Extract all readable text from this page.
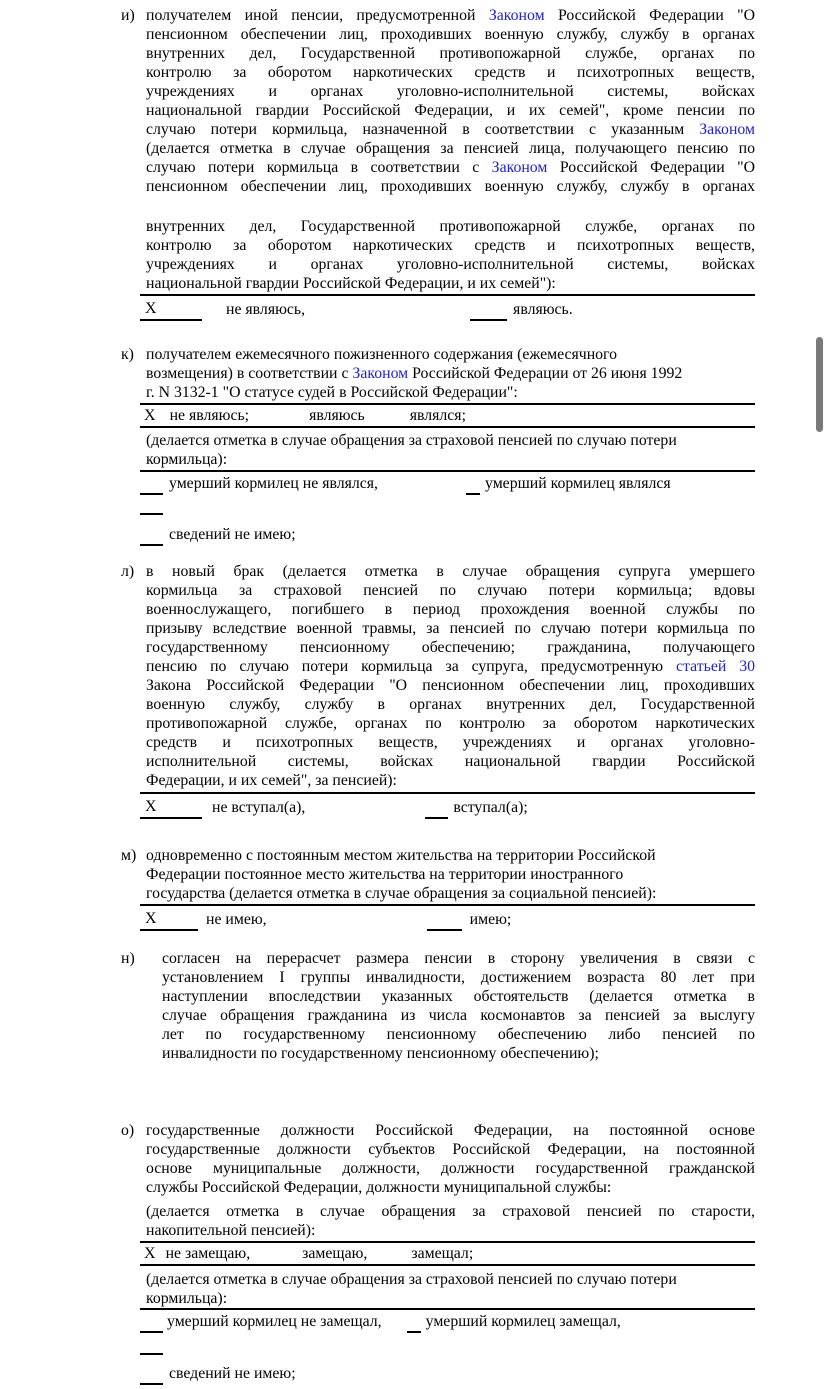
и) получателем иной пенсии, предусмотренной Законом Российской Федерации "О
пенсионном обеспечении лиц, проходивших военную службу, службу в органах
внутренних дел, Государственной противопожарной службе, органах по
контролю за оборотом наркотических средств и психотропных веществ,
учреждениях и органах уголовно-исполнительной системы, войсках
национальной гвардии Российской Федерации, и их семей", кроме пенсии по
случаю потери кормильца, назначенной в соответствии с указанным Законом
(делается отметка в случае обращения за пенсией лица, получающего пенсию по
случаю потери кормильца в соответствии с Законом Российской Федерации "О
пенсионном обеспечении лиц, проходивших военную службу, службу в органах
внутренних дел, Государственной противопожарной службе, органах по
контролю за оборотом наркотических средств и психотропных веществ,
учреждениях и органах уголовно-исполнительной системы, войсках
национальной гвардии Российской Федерации, и их семей"):
X	не являюсь,	являюсь.
к) получателем ежемесячного пожизненного содержания (ежемесячного
возмещения) в соответствии с Законом Российской Федерации от 26 июня 1992
г. N 3132-1 "О статусе судей в Российской Федерации":
X не являюсь;	являюсь	являлся;
(делается отметка в случае обращения за страховой пенсией по случаю потери
кормильца):
умерший кормилец не являлся,	умерший кормилец являлся
сведений не имею;
л) в новый брак (делается отметка в случае обращения супруга умершего
кормильца за страховой пенсией по случаю потери кормильца; вдовы
военнослужащего, погибшего в период прохождения военной службы по
призыву вследствие военной травмы, за пенсией по случаю потери кормильца по
государственному пенсионному обеспечению; гражданина, получающего
пенсию по случаю потери кормильца за супруга, предусмотренную статьей 30
Закона Российской Федерации "О пенсионном обеспечении лиц, проходивших
военную службу, службу в органах внутренних дел, Государственной
противопожарной службе, органах по контролю за оборотом наркотических
средств и психотропных веществ, учреждениях и органах уголовно-
исполнительной системы, войсках национальной гвардии Российской
Федерации, и их семей", за пенсией):
X	не вступал(а),	вступал(а);
м) одновременно с постоянным местом жительства на территории Российской
Федерации постоянное место жительства на территории иностранного
государства (делается отметка в случае обращения за социальной пенсией):
X	не имею,	имею;
н) согласен на перерасчет размера пенсии в сторону увеличения в связи с
установлением I группы инвалидности, достижением возраста 80 лет при
наступлении впоследствии указанных обстоятельств (делается отметка в
случае обращения гражданина из числа космонавтов за пенсией за выслугу
лет по государственному пенсионному обеспечению либо пенсией по
инвалидности по государственному пенсионному обеспечению);
о) государственные должности Российской Федерации, на постоянной основе
государственные должности субъектов Российской Федерации, на постоянной
основе муниципальные должности, должности государственной гражданской
службы Российской Федерации, должности муниципальной службы:
(делается отметка в случае обращения за страховой пенсией по старости,
накопительной пенсией):
X не замещаю,	замещаю,	замещал;
(делается отметка в случае обращения за страховой пенсией по случаю потери
кормильца):
умерший кормилец не замещал,	умерший кормилец замещал,
сведений не имею;
